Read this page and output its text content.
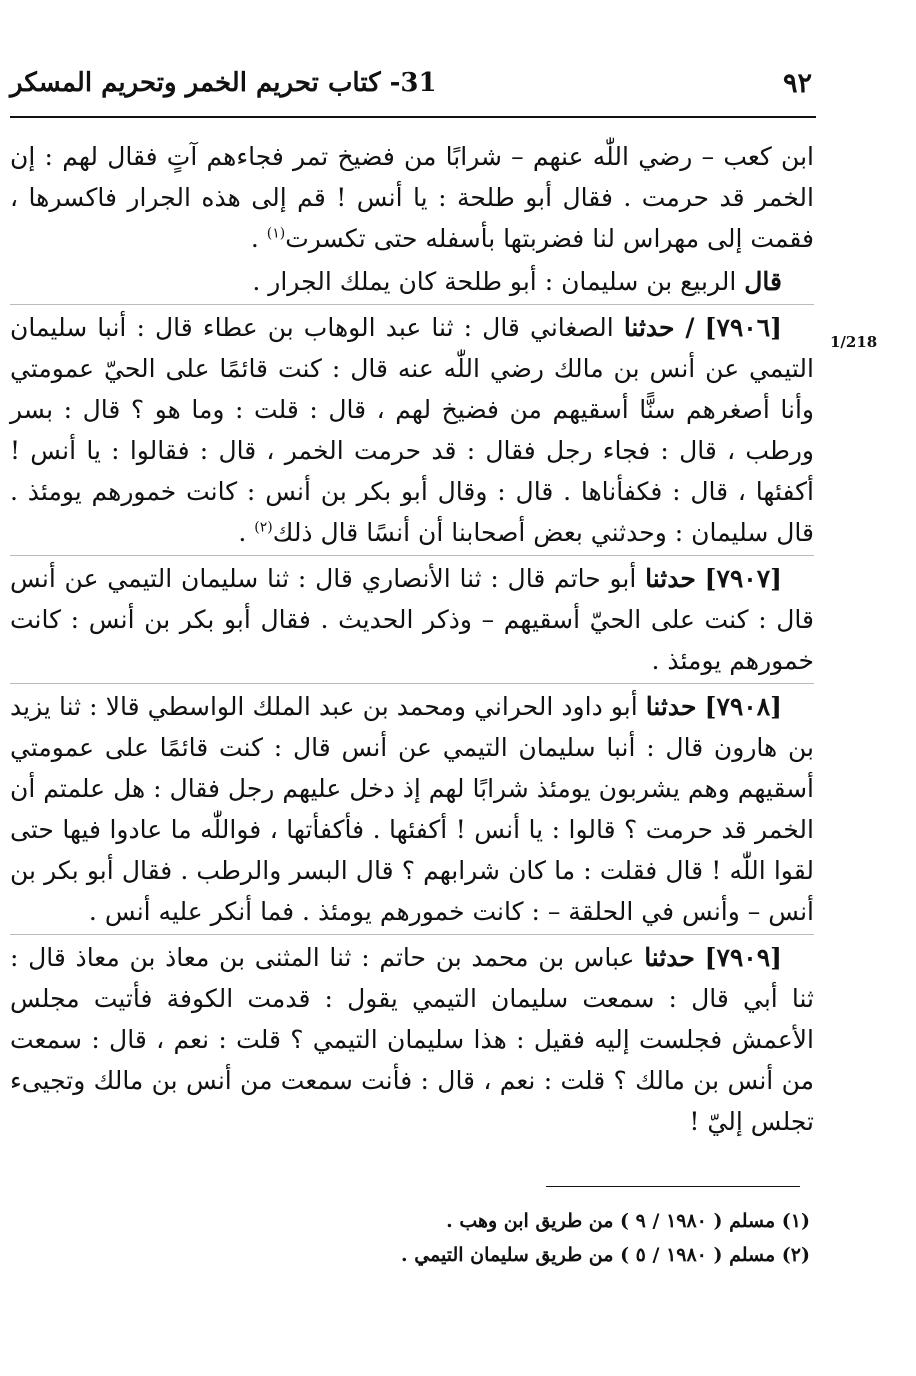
٩٢
31- كتاب تحريم الخمر وتحريم المسكر
1/218

ابن كعب – رضي اللّٰه عنهم – شرابًا من فضيخ تمر فجاءهم آتٍ فقال لهم : إن الخمر قد حرمت . فقال أبو طلحة : يا أنس ! قم إلى هذه الجرار فاكسرها ، فقمت إلى مهراس لنا فضربتها بأسفله حتى تكسرت$^{(١)}$ .

قال الربيع بن سليمان : أبو طلحة كان يملك الجرار .

[٧٩٠٦] / حدثنا الصغاني قال : ثنا عبد الوهاب بن عطاء قال : أنبا سليمان التيمي عن أنس بن مالك رضي اللّٰه عنه قال : كنت قائمًا على الحيّ عمومتي وأنا أصغرهم سنًّا أسقيهم من فضيخ لهم ، قال : قلت : وما هو ؟ قال : بسر ورطب ، قال : فجاء رجل فقال : قد حرمت الخمر ، قال : فقالوا : يا أنس ! أكفئها ، قال : فكفأناها . قال : وقال أبو بكر بن أنس : كانت خمورهم يومئذ . قال سليمان : وحدثني بعض أصحابنا أن أنسًا قال ذلك$^{(٢)}$ .

[٧٩٠٧] حدثنا أبو حاتم قال : ثنا الأنصاري قال : ثنا سليمان التيمي عن أنس قال : كنت على الحيّ أسقيهم – وذكر الحديث . فقال أبو بكر بن أنس : كانت خمورهم يومئذ .

[٧٩٠٨] حدثنا أبو داود الحراني ومحمد بن عبد الملك الواسطي قالا : ثنا يزيد بن هارون قال : أنبا سليمان التيمي عن أنس قال : كنت قائمًا على عمومتي أسقيهم وهم يشربون يومئذ شرابًا لهم إذ دخل عليهم رجل فقال : هل علمتم أن الخمر قد حرمت ؟ قالوا : يا أنس ! أكفئها . فأكفأتها ، فواللّٰه ما عادوا فيها حتى لقوا اللّٰه ! قال فقلت : ما كان شرابهم ؟ قال البسر والرطب . فقال أبو بكر بن أنس – وأنس في الحلقة – : كانت خمورهم يومئذ . فما أنكر عليه أنس .

[٧٩٠٩] حدثنا عباس بن محمد بن حاتم : ثنا المثنى بن معاذ بن معاذ قال : ثنا أبي قال : سمعت سليمان التيمي يقول : قدمت الكوفة فأتيت مجلس الأعمش فجلست إليه فقيل : هذا سليمان التيمي ؟ قلت : نعم ، قال : سمعت من أنس بن مالك ؟ قلت : نعم ، قال : فأنت سمعت من أنس بن مالك وتجيىء تجلس إليّ !

(١) مسلم ( ١٩٨٠ / ٩ ) من طريق ابن وهب .

(٢) مسلم ( ١٩٨٠ / ٥ ) من طريق سليمان التيمي .
